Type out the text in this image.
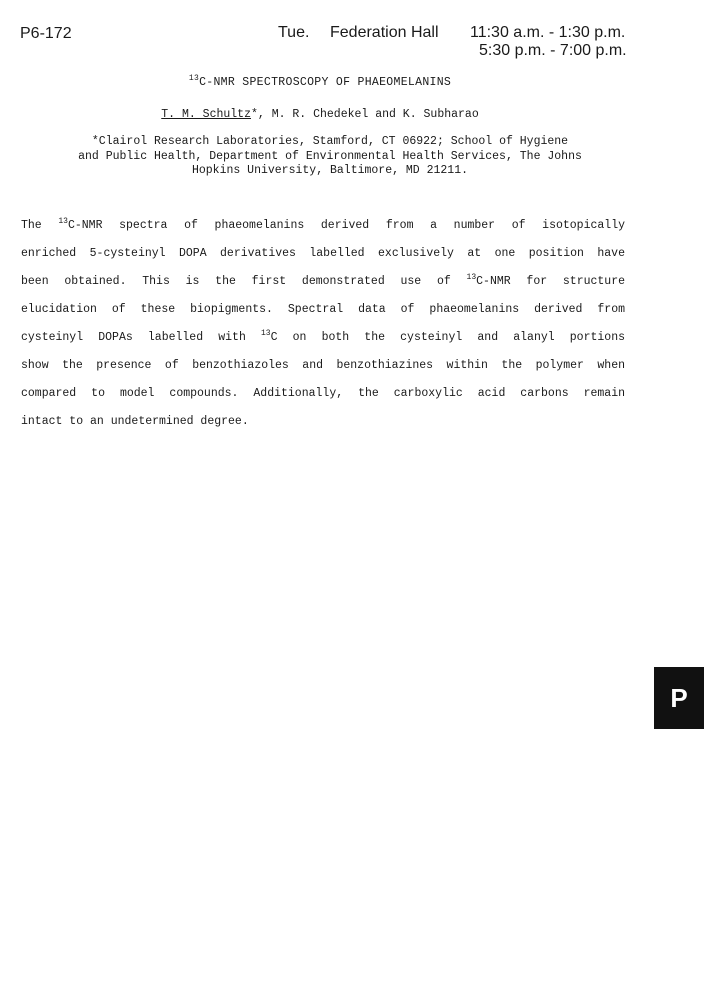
P6-172	Tue. Federation Hall 11:30 a.m. - 1:30 p.m.
5:30 p.m. - 7:00 p.m.
$^{13}$C-NMR SPECTROSCOPY OF PHAEOMELANINS
T. M. Schultz*, M. R. Chedekel and K. Subharao
*Clairol Research Laboratories, Stamford, CT 06922; School of Hygiene
and Public Health, Department of Environmental Health Services, The Johns
Hopkins University, Baltimore, MD 21211.
The $^{13}$C-NMR spectra of phaeomelanins derived from a number of isotopically
enriched 5-cysteinyl DOPA derivatives labelled exclusively at one position have
been obtained. This is the first demonstrated use of $^{13}$C-NMR for structure
elucidation of these biopigments. Spectral data of phaeomelanins derived from
cysteinyl DOPAs labelled with $^{13}$C on both the cysteinyl and alanyl portions
show the presence of benzothiazoles and benzothiazines within the polymer when
compared to model compounds. Additionally, the carboxylic acid carbons remain
intact to an undetermined degree.
P
